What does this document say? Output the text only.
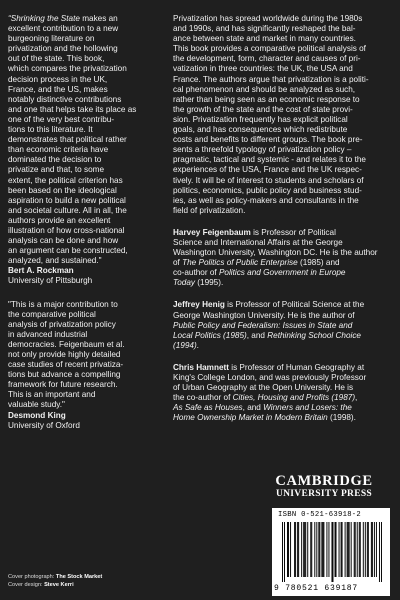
“Shrinking the State makes an
excellent contribution to a new
burgeoning literature on
privatization and the hollowing
out of the state. This book,
which compares the privatization
decision process in the UK,
France, and the US, makes
notably distinctive contributions
and one that helps take its place as
one of the very best contribu-
tions to this literature. It
demonstrates that political rather
than economic criteria have
dominated the decision to
privatize and that, to some
extent, the political criterion has
been based on the ideological
aspiration to build a new political
and societal culture. All in all, the
authors provide an excellent
illustration of how cross-national
analysis can be done and how
an argument can be constructed,
analyzed, and sustained."

Bert A. Rockman

University of Pittsburgh

"This is a major contribution to
the comparative political
analysis of privatization policy
in advanced industrial
democracies. Feigenbaum et al.
not only provide highly detailed
case studies of recent privatiza-
tions but advance a compelling
framework for future research.
This is an important and
valuable study."

Desmond King

University of Oxford

Privatization has spread worldwide during the 1980s
and 1990s, and has significantly reshaped the bal-
ance between state and market in many countries.
This book provides a comparative political analysis of
the development, form, character and causes of pri-
vatization in three countries: the UK, the USA and
France. The authors argue that privatization is a politi-
cal phenomenon and should be analyzed as such,
rather than being seen as an economic response to
the growth of the state and the cost of state provi-
sion. Privatization frequently has explicit political
goals, and has consequences which redistribute
costs and benefits to different groups. The book pre-
sents a threefold typology of privatization policy –
pragmatic, tactical and systemic - and relates it to the
experiences of the USA, France and the UK respec-
tively. It will be of interest to students and scholars of
politics, economics, public policy and business stud-
ies, as well as policy-makers and consultants in the
field of privatization.
Harvey Feigenbaum is Professor of Political
Science and International Affairs at the George
Washington University, Washington DC. He is the author
of The Politics of Public Enterprise (1985) and
co-author of Politics and Government in Europe
Today (1995).
Jeffrey Henig is Professor of Political Science at the
George Washington University. He is the author of
Public Policy and Federalism: Issues in State and
Local Politics (1985), and Rethinking School Choice
(1994).
Chris Hamnett is Professor of Human Geography at
King's College London, and was previously Professor
of Urban Geography at the Open University. He is
the co-author of Cities, Housing and Profits (1987),
As Safe as Houses, and Winners and Losers: the
Home Ownership Market in Modern Britain (1998).
CAMBRIDGE
UNIVERSITY PRESS
ISBN 0-521-63918-2
9 780521 639187
Cover photograph: The Stock Market
Cover design: Steve Kerri
